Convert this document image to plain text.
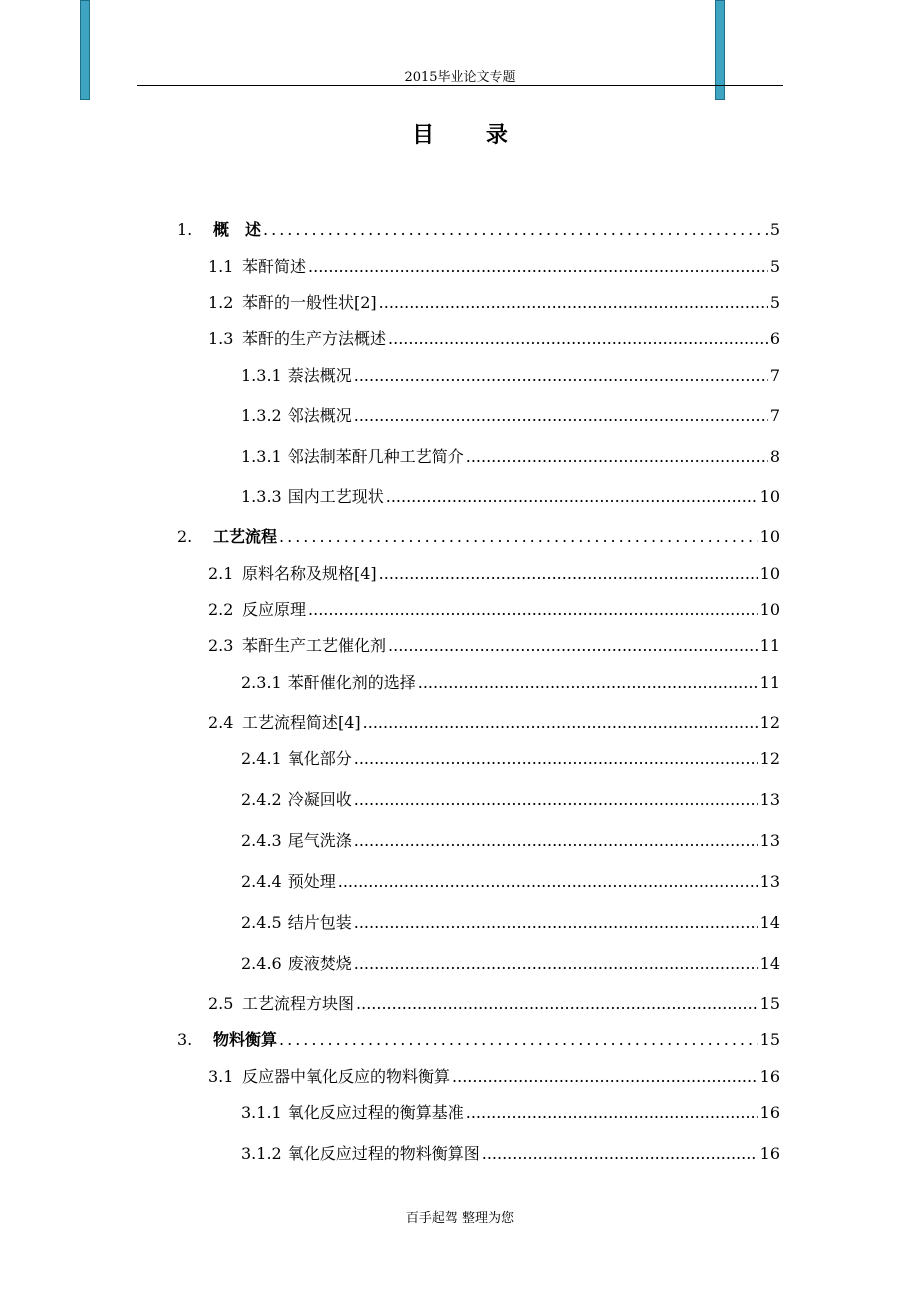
2015毕业论文专题
目 录
1.	概　述 .....	5
1.1 苯酐简述 .....	5
1.2 苯酐的一般性状[2] .....	5
1.3 苯酐的生产方法概述 .....	6
1.3.1 萘法概况 .....	7
1.3.2 邻法概况 .....	7
1.3.1 邻法制苯酐几种工艺简介 .....	8
1.3.3 国内工艺现状 .....	10
2.	工艺流程 .....	10
2.1 原料名称及规格[4] .....	10
2.2 反应原理 .....	10
2.3 苯酐生产工艺催化剂 .....	11
2.3.1 苯酐催化剂的选择 .....	11
2.4 工艺流程简述[4] .....	12
2.4.1 氧化部分 .....	12
2.4.2 冷凝回收 .....	13
2.4.3 尾气洗涤 .....	13
2.4.4 预处理 .....	13
2.4.5 结片包装 .....	14
2.4.6 废液焚烧 .....	14
2.5 工艺流程方块图 .....	15
3.	物料衡算 .....	15
3.1 反应器中氧化反应的物料衡算 .....	16
3.1.1 氧化反应过程的衡算基准 .....	16
3.1.2 氧化反应过程的物料衡算图 .....	16
百手起驾 整理为您
